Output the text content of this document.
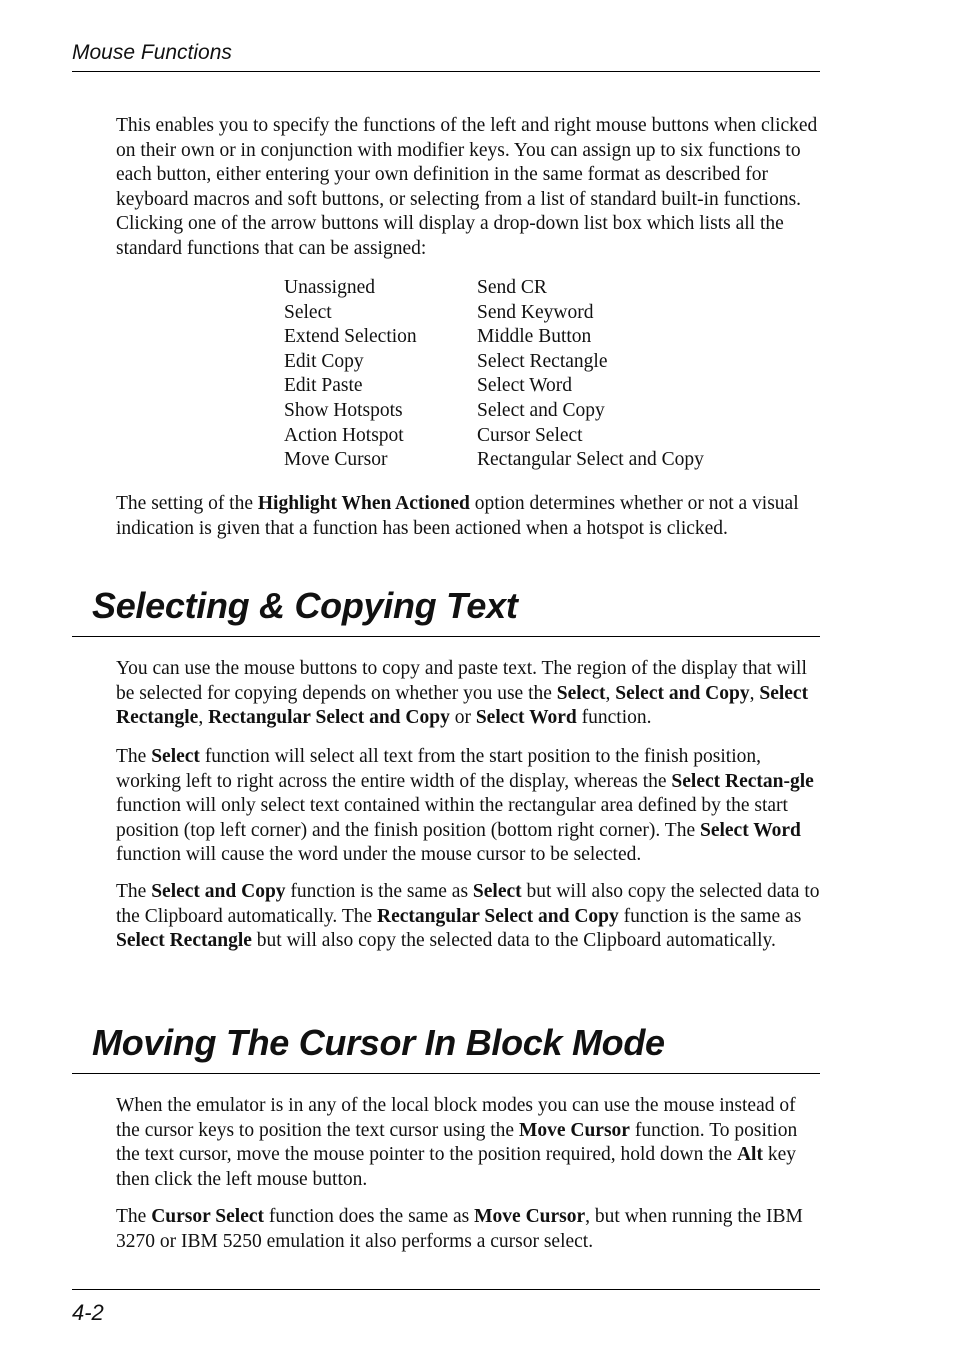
Mouse Functions

This enables you to specify the functions of the left and right mouse buttons when clicked on their own or in conjunction with modifier keys. You can assign up to six functions to each button, either entering your own definition in the same format as described for keyboard macros and soft buttons, or selecting from a list of standard built-in functions. Clicking one of the arrow buttons will display a drop-down list box which lists all the standard functions that can be assigned:

Unassigned
Select
Extend Selection
Edit Copy
Edit Paste
Show Hotspots
Action Hotspot
Move Cursor
Send CR
Send Keyword
Middle Button
Select Rectangle
Select Word
Select and Copy
Cursor Select
Rectangular Select and Copy

The setting of the Highlight When Actioned option determines whether or not a visual indication is given that a function has been actioned when a hotspot is clicked.

Selecting & Copying Text

You can use the mouse buttons to copy and paste text. The region of the display that will be selected for copying depends on whether you use the Select, Select and Copy, Select Rectangle, Rectangular Select and Copy or Select Word function.

The Select function will select all text from the start position to the finish position, working left to right across the entire width of the display, whereas the Select Rectan-gle function will only select text contained within the rectangular area defined by the start position (top left corner) and the finish position (bottom right corner). The Select Word function will cause the word under the mouse cursor to be selected.

The Select and Copy function is the same as Select but will also copy the selected data to the Clipboard automatically. The Rectangular Select and Copy function is the same as Select Rectangle but will also copy the selected data to the Clipboard automatically.

Moving The Cursor In Block Mode

When the emulator is in any of the local block modes you can use the mouse instead of the cursor keys to position the text cursor using the Move Cursor function. To position the text cursor, move the mouse pointer to the position required, hold down the Alt key then click the left mouse button.

The Cursor Select function does the same as Move Cursor, but when running the IBM 3270 or IBM 5250 emulation it also performs a cursor select.

4-2
